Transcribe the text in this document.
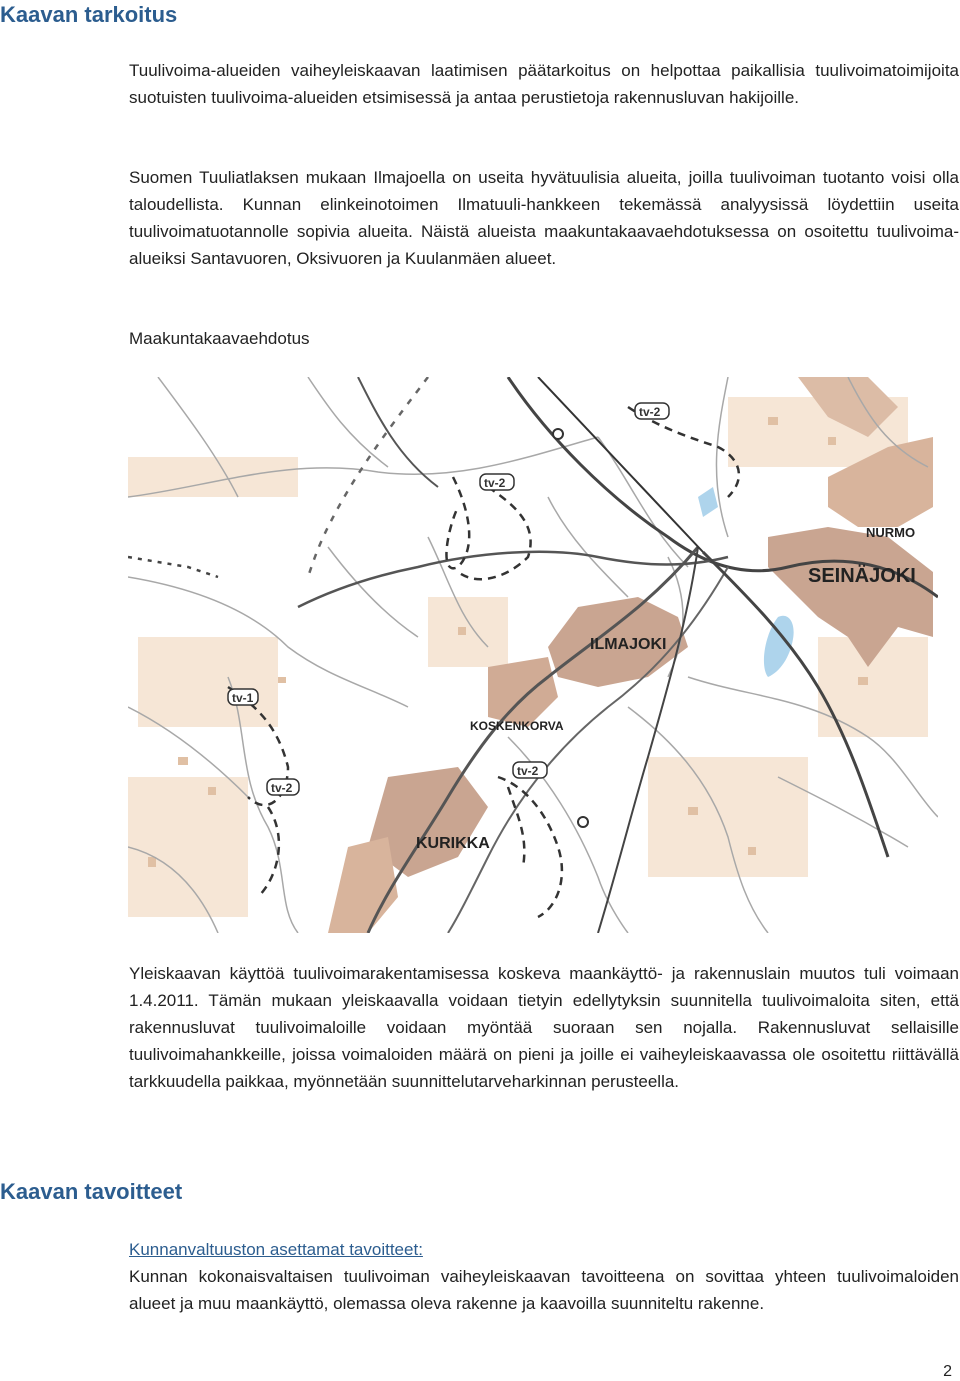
Kaavan tarkoitus

Tuulivoima-alueiden vaiheyleiskaavan laatimisen päätarkoitus on helpottaa paikallisia tuulivoimatoimijoita suotuisten tuulivoima-alueiden etsimisessä ja antaa perustietoja rakennusluvan hakijoille.

Suomen Tuuliatlaksen mukaan Ilmajoella on useita hyvätuulisia alueita, joilla tuulivoiman tuotanto voisi olla taloudellista. Kunnan elinkeinotoimen Ilmatuuli-hankkeen tekemässä analyysissä löydettiin useita tuulivoimatuotannolle sopivia alueita. Näistä alueista maakuntakaavaehdotuksessa on osoitettu tuulivoima-alueiksi Santavuoren, Oksivuoren ja Kuulanmäen alueet.

Maakuntakaavaehdotus

tv-2
tv-2
tv-1
tv-2
tv-2
SEINÄJOKI
NURMO
ILMAJOKI
KOSKENKORVA
KURIKKA

Yleiskaavan käyttöä tuulivoimarakentamisessa koskeva maankäyttö- ja rakennuslain muutos tuli voimaan 1.4.2011. Tämän mukaan yleiskaavalla voidaan tietyin edellytyksin suunnitella tuulivoimaloita siten, että rakennusluvat tuulivoimaloille voidaan myöntää suoraan sen nojalla. Rakennusluvat sellaisille tuulivoimahankkeille, joissa voimaloiden määrä on pieni ja joille ei vaiheyleiskaavassa ole osoitettu riittävällä tarkkuudella paikkaa, myönnetään suunnittelutarveharkinnan perusteella.

Kaavan tavoitteet

Kunnanvaltuuston asettamat tavoitteet:

Kunnan kokonaisvaltaisen tuulivoiman vaiheyleiskaavan tavoitteena on sovittaa yhteen tuulivoimaloiden alueet ja muu maankäyttö, olemassa oleva rakenne ja kaavoilla suunniteltu rakenne.

2
